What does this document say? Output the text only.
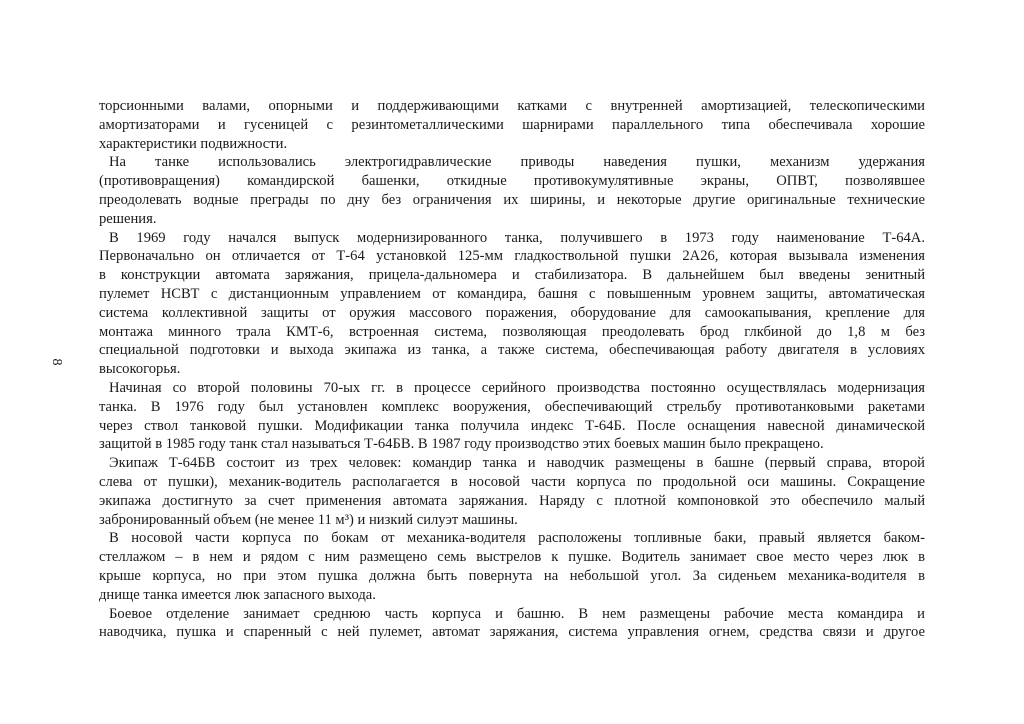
8
торсионными валами, опорными и поддерживающими катками с внутренней амортизацией, телескопическими
амортизаторами и гусеницей с резинтометаллическими шарнирами параллельного типа обеспечивала хорошие
характеристики подвижности.
На танке использовались электрогидравлические приводы наведения пушки, механизм удержания
(противовращения) командирской башенки, откидные противокумулятивные экраны, ОПВТ, позволявшее
преодолевать водные преграды по дну без ограничения их ширины, и некоторые другие оригинальные технические
решения.
В 1969 году начался выпуск модернизированного танка, получившего в 1973 году наименование Т-64А.
Первоначально он отличается от Т-64 установкой 125-мм гладкоствольной пушки 2А26, которая вызывала изменения
в конструкции автомата заряжания, прицела-дальномера и стабилизатора. В дальнейшем был введены зенитный
пулемет НСВТ с дистанционным управлением от командира, башня с повышенным уровнем защиты, автоматическая
система коллективной защиты от оружия массового поражения, оборудование для самоокапывания, крепление для
монтажа минного трала КМТ-6, встроенная система, позволяющая преодолевать брод глкбиной до 1,8 м без
специальной подготовки и выхода экипажа из танка, а также система, обеспечивающая работу двигателя в условиях
высокогорья.
Начиная со второй половины 70-ых гг. в процессе серийного производства постоянно осуществлялась модернизация
танка. В 1976 году был установлен комплекс вооружения, обеспечивающий стрельбу противотанковыми ракетами
через ствол танковой пушки. Модификации танка получила индекс Т-64Б. После оснащения навесной динамической
защитой в 1985 году танк стал называться Т-64БВ. В 1987 году производство этих боевых машин было прекращено.
Экипаж Т-64БВ состоит из трех человек: командир танка и наводчик размещены в башне (первый справа, второй
слева от пушки), механик-водитель располагается в носовой части корпуса по продольной оси машины. Сокращение
экипажа достигнуто за счет применения автомата заряжания. Наряду с плотной компоновкой это обеспечило малый
забронированный объем (не менее 11 м³) и низкий силуэт машины.
В носовой части корпуса по бокам от механика-водителя расположены топливные баки, правый является баком-
стеллажом – в нем и рядом с ним размещено семь выстрелов к пушке. Водитель занимает свое место через люк в
крыше корпуса, но при этом пушка должна быть повернута на небольшой угол. За сиденьем механика-водителя в
днище танка имеется люк запасного выхода.
Боевое отделение занимает среднюю часть корпуса и башню. В нем размещены рабочие места командира и
наводчика, пушка и спаренный с ней пулемет, автомат заряжания, система управления огнем, средства связи и другое
